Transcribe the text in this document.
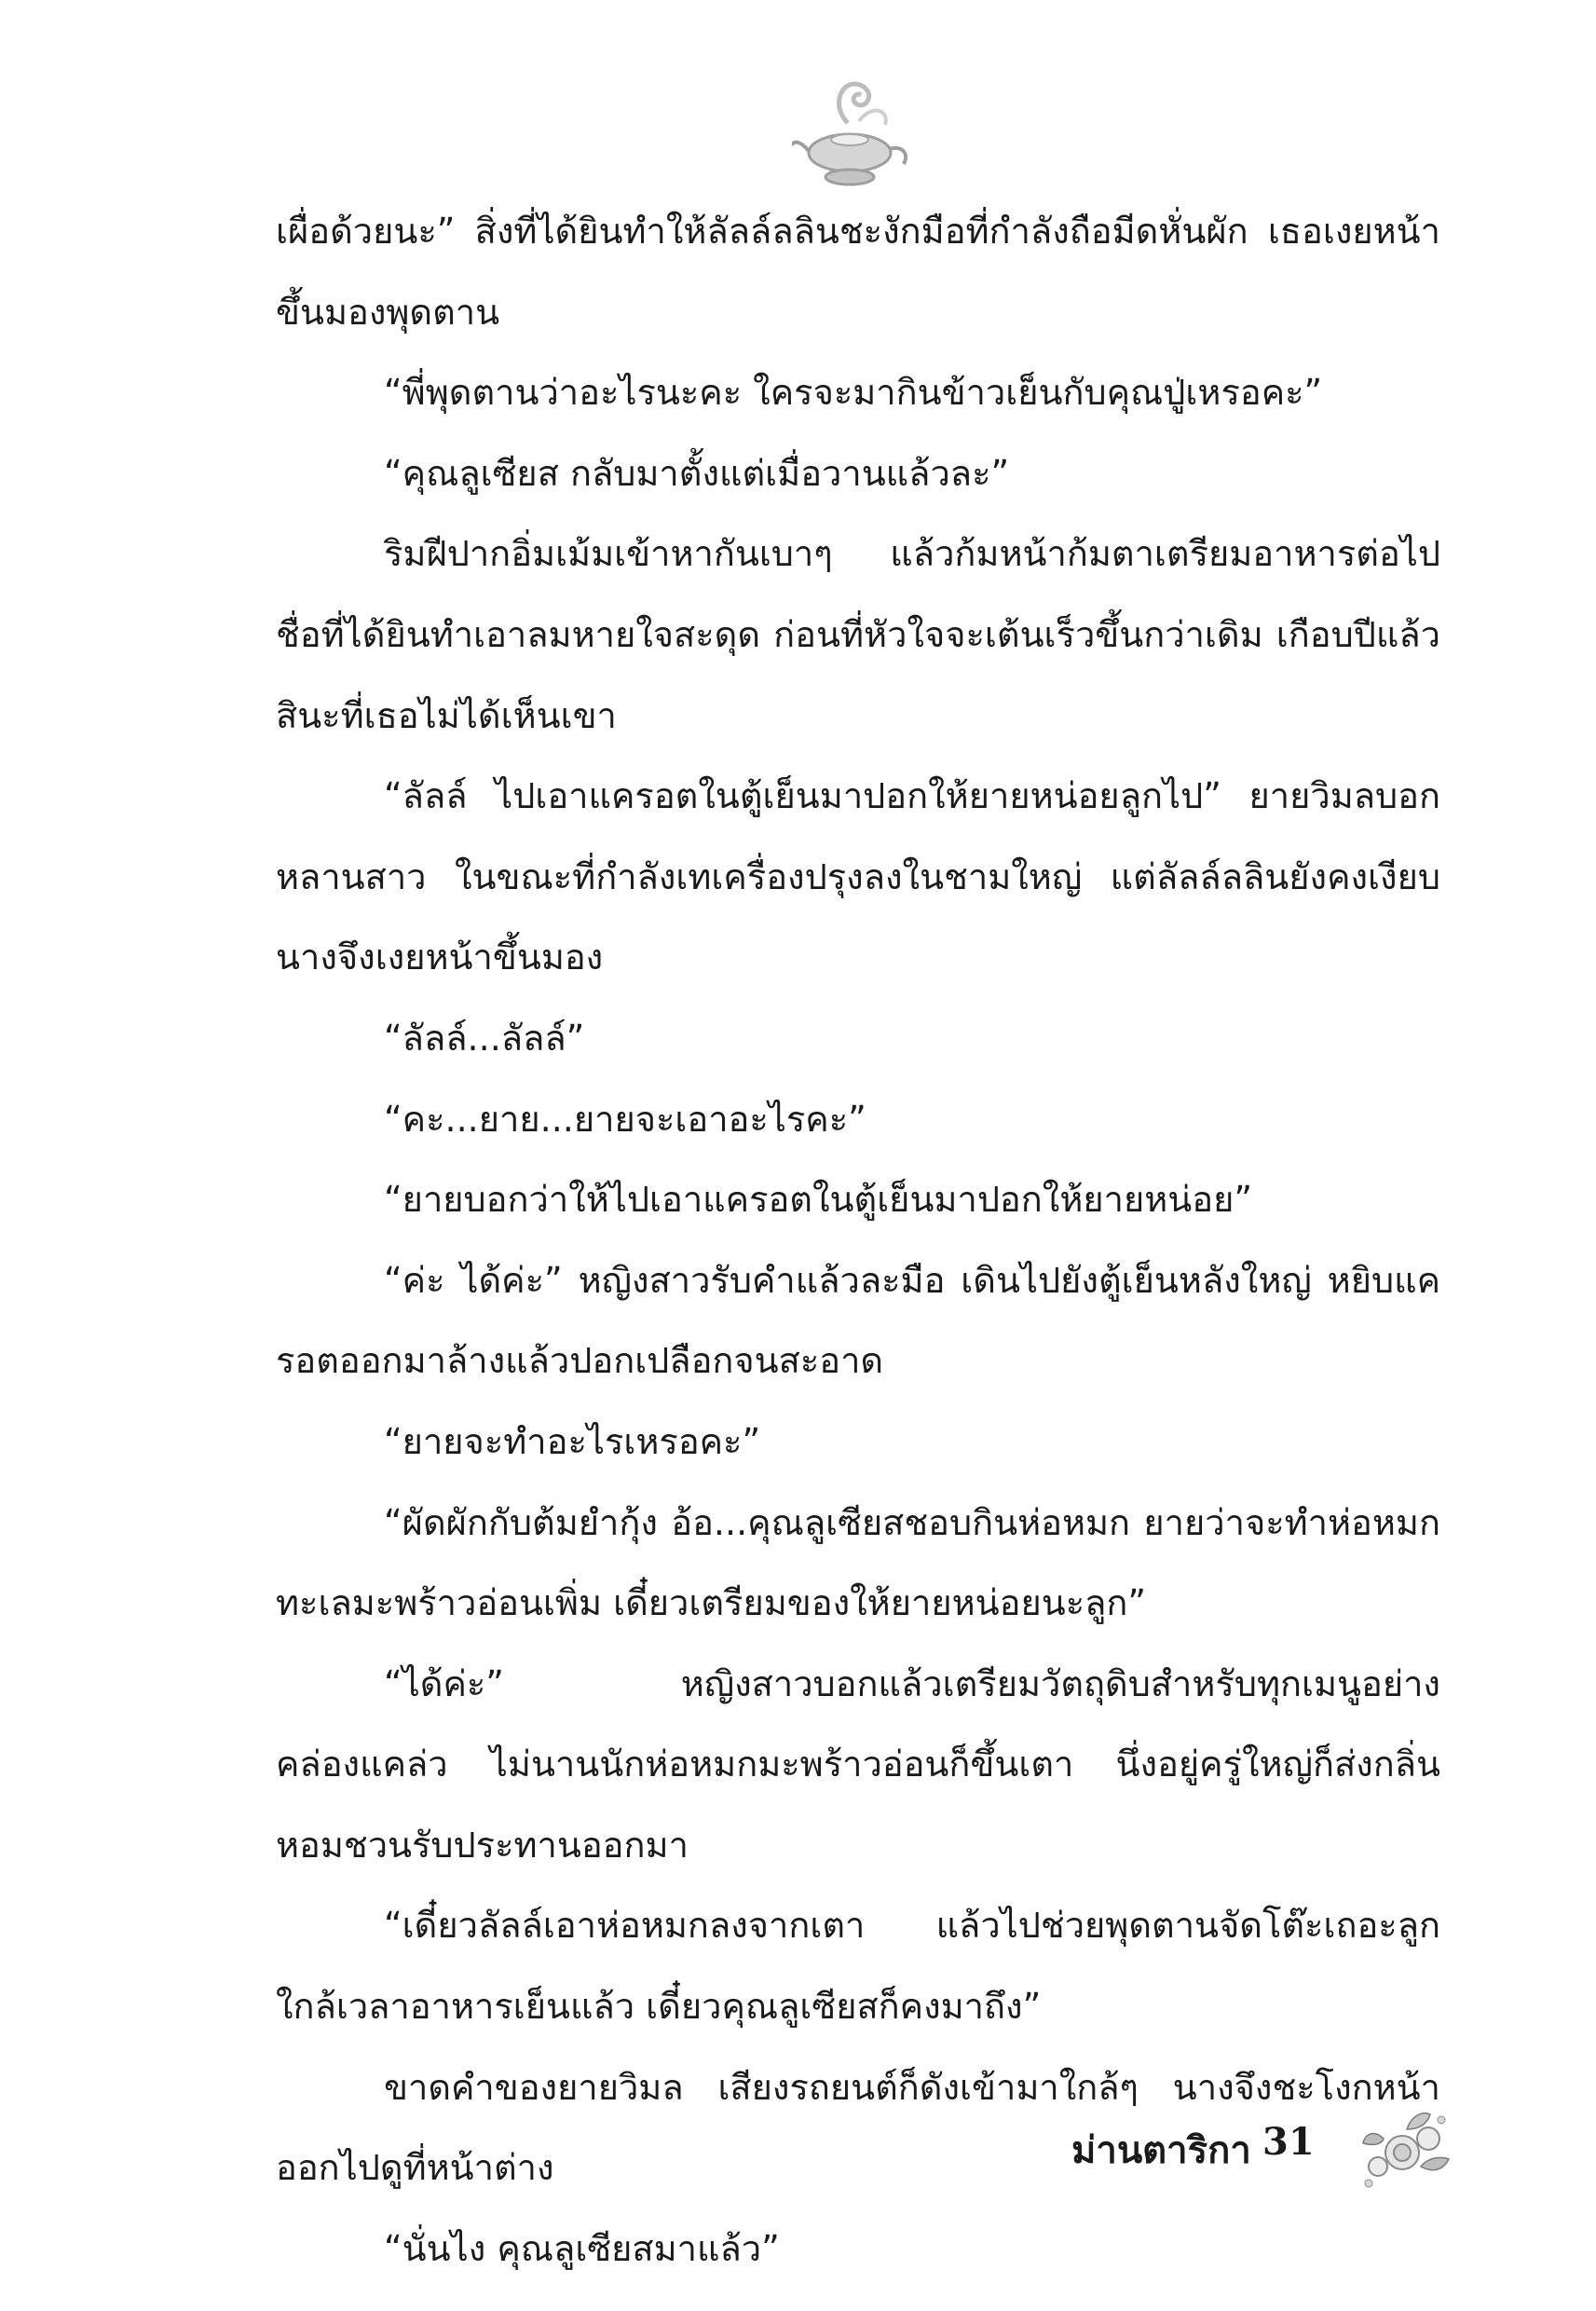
เผื่อด้วยนะ” สิ่งที่ได้ยินทำให้ลัลล์ลลินชะงักมือที่กำลังถือมีดหั่นผัก เธอเงยหน้าขึ้นมองพุดตาน

“พี่พุดตานว่าอะไรนะคะ ใครจะมากินข้าวเย็นกับคุณปู่เหรอคะ”

“คุณลูเซียส กลับมาตั้งแต่เมื่อวานแล้วละ”

ริมฝีปากอิ่มเม้มเข้าหากันเบาๆ แล้วก้มหน้าก้มตาเตรียมอาหารต่อไป ชื่อที่ได้ยินทำเอาลมหายใจสะดุด ก่อนที่หัวใจจะเต้นเร็วขึ้นกว่าเดิม เกือบปีแล้วสินะที่เธอไม่ได้เห็นเขา

“ลัลล์ ไปเอาแครอตในตู้เย็นมาปอกให้ยายหน่อยลูกไป” ยายวิมลบอกหลานสาว ในขณะที่กำลังเทเครื่องปรุงลงในชามใหญ่ แต่ลัลล์ลลินยังคงเงียบ นางจึงเงยหน้าขึ้นมอง

“ลัลล์...ลัลล์”

“คะ...ยาย...ยายจะเอาอะไรคะ”

“ยายบอกว่าให้ไปเอาแครอตในตู้เย็นมาปอกให้ยายหน่อย”

“ค่ะ ได้ค่ะ” หญิงสาวรับคำแล้วละมือ เดินไปยังตู้เย็นหลังใหญ่ หยิบแครอตออกมาล้างแล้วปอกเปลือกจนสะอาด

“ยายจะทำอะไรเหรอคะ”

“ผัดผักกับต้มยำกุ้ง อ้อ...คุณลูเซียสชอบกินห่อหมก ยายว่าจะทำห่อหมกทะเลมะพร้าวอ่อนเพิ่ม เดี๋ยวเตรียมของให้ยายหน่อยนะลูก”

“ได้ค่ะ” หญิงสาวบอกแล้วเตรียมวัตถุดิบสำหรับทุกเมนูอย่างคล่องแคล่ว ไม่นานนักห่อหมกมะพร้าวอ่อนก็ขึ้นเตา นึ่งอยู่ครู่ใหญ่ก็ส่งกลิ่นหอมชวนรับประทานออกมา

“เดี๋ยวลัลล์เอาห่อหมกลงจากเตา แล้วไปช่วยพุดตานจัดโต๊ะเถอะลูก ใกล้เวลาอาหารเย็นแล้ว เดี๋ยวคุณลูเซียสก็คงมาถึง”

ขาดคำของยายวิมล เสียงรถยนต์ก็ดังเข้ามาใกล้ๆ นางจึงชะโงกหน้าออกไปดูที่หน้าต่าง

“นั่นไง คุณลูเซียสมาแล้ว”

ม่านตาริกา 31
